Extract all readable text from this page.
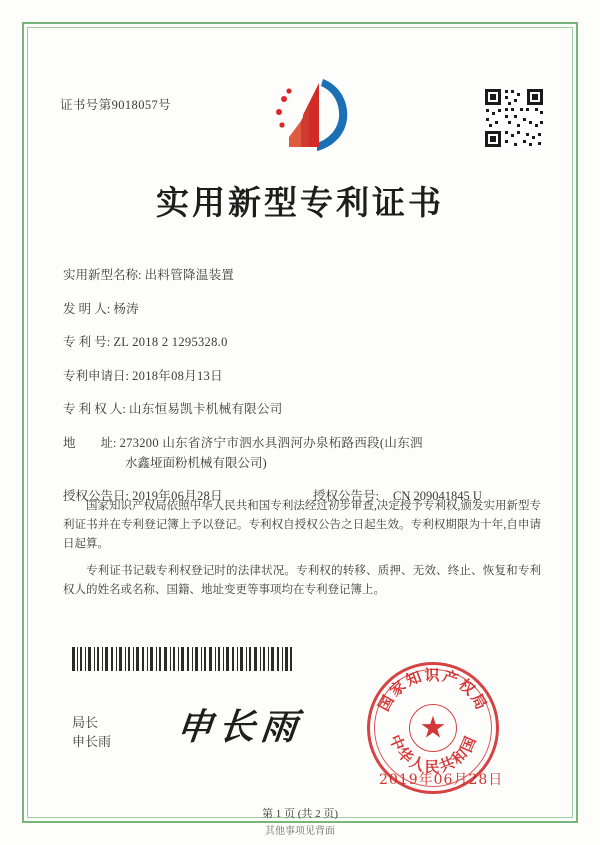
证书号第9018057号
实用新型专利证书
实用新型名称: 出料管降温装置
发 明 人: 杨涛
专 利 号: ZL 2018 2 1295328.0
专利申请日: 2018年08月13日
专 利 权 人: 山东恒易凯卡机械有限公司
地        址: 273200 山东省济宁市泗水具泗河办泉柘路西段(山东泗
水鑫垭面粉机械有限公司)
授权公告日: 2019年06月28日	授权公告号: CN 209041845 U

国家知识产权局依照中华人民共和国专利法经过初步审查,决定授予专利权,颁发实用新型专利证书并在专利登记簿上予以登记。专利权自授权公告之日起生效。专利权期限为十年,自申请日起算。

专利证书记载专利权登记时的法律状况。专利权的转移、质押、无效、终止、恢复和专利权人的姓名或名称、国籍、地址变更等事项均在专利登记簿上。

局长
申长雨 申长雨
国家知识产权局
中华人民共和国
★
2019年06月28日
第 1 页 (共 2 页)
其他事项见背面
